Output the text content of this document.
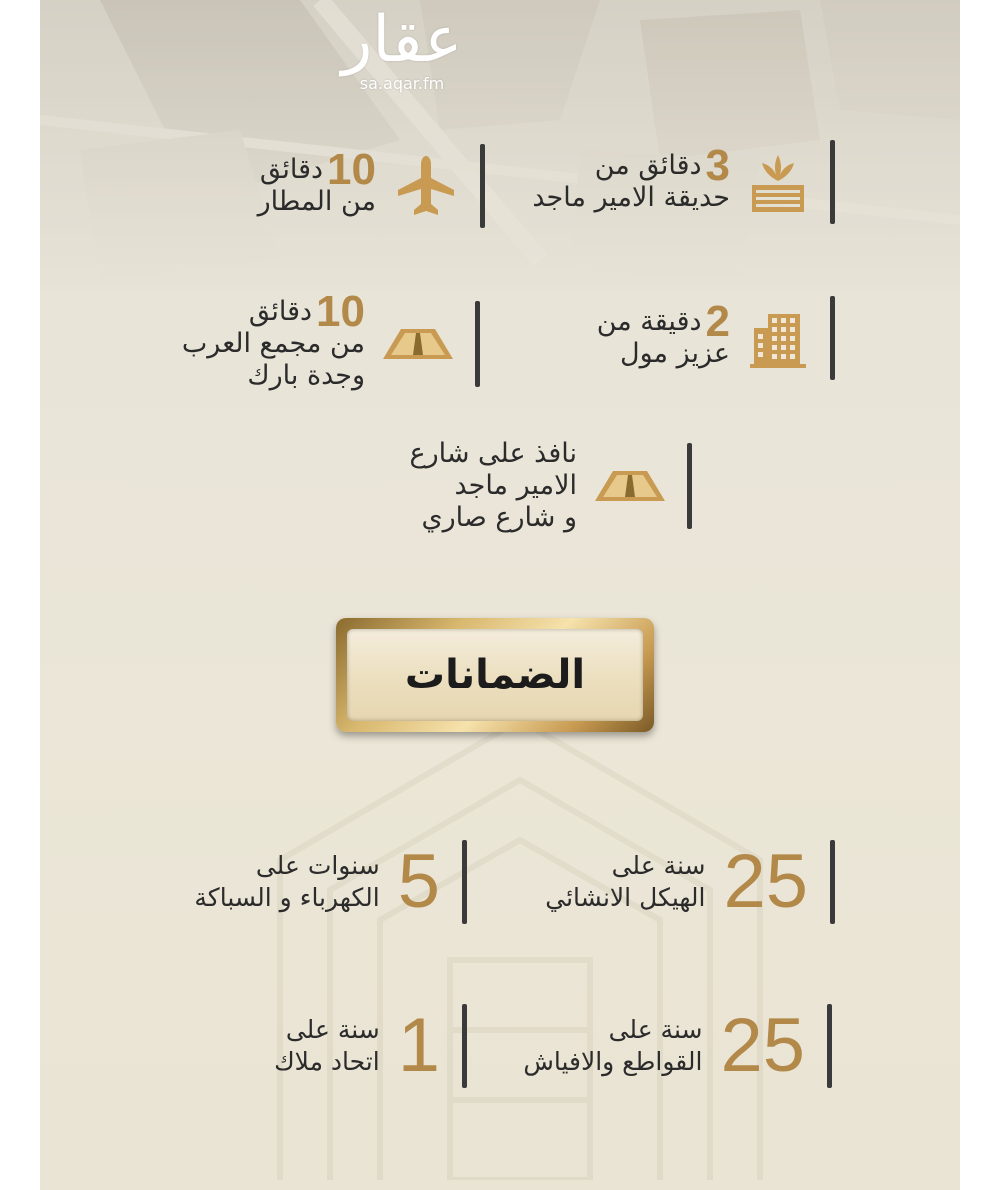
عقار
sa.aqar.fm
3دقائق من
حديقة الامير ماجد
10دقائق
من المطار
2دقيقة من
عزيز مول
10دقائق
من مجمع العرب
وجدة بارك
نافذ على شارع
الامير ماجد
و شارع صاري
الضمانات
25
سنة على
الهيكل الانشائي
5
سنوات على
الكهرباء و السباكة
25
سنة على
القواطع والافياش
1
سنة على
اتحاد ملاك
